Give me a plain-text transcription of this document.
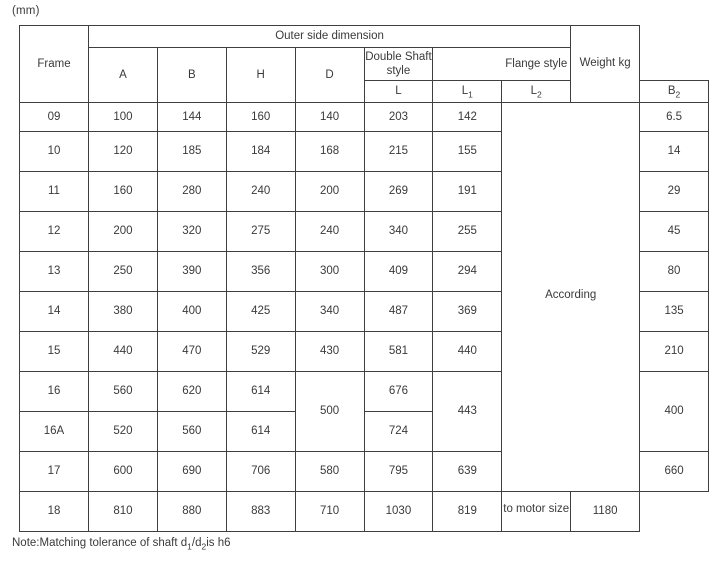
(mm)
Frame	Outer side dimension							Weight kg	
	A	B	H	D	Double Shaft style	Flange style			
					L	$L_1$	$L_2$		$B_2$
09	100	144	160	140	203	142	According		6.5
10	120	185	184	168	215	155			14
11	160	280	240	200	269	191			29
12	200	320	275	240	340	255			45
13	250	390	356	300	409	294			80
14	380	400	425	340	487	369			135
15	440	470	529	430	581	440			210
16	560	620	614	500	676	443			400
16A	520	560	614		724				
17	600	690	706	580	795	639			660
18	810	880	883	710	1030	819	to motor size	1180	
Note:Matching tolerance of shaft $d_1/d_2is$ h6
